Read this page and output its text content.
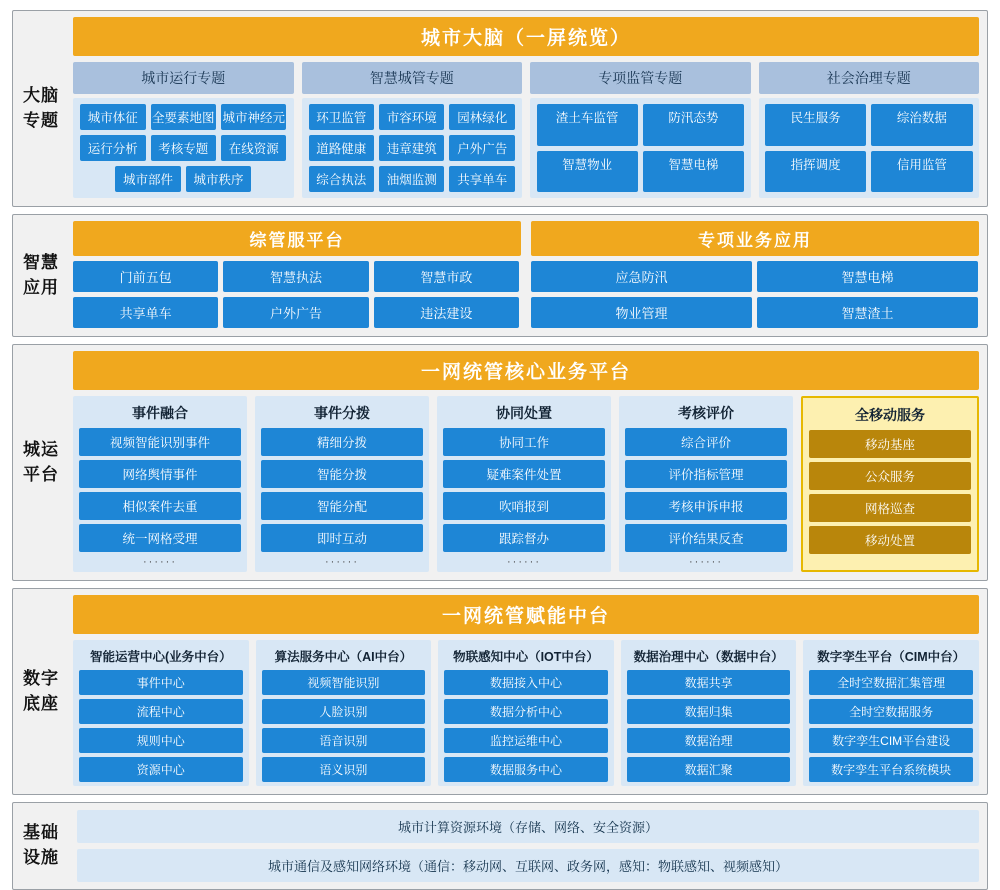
大脑
专题
城市大脑（一屏统览）
城市运行专题
城市体征	全要素地图 城市神经元
运行分析	考核专题	在线资源
城市部件	城市秩序
智慧城管专题
环卫监管	市容环境	园林绿化
道路健康	违章建筑	户外广告
综合执法	油烟监测	共享单车
专项监管专题
渣土车监管	防汛态势
智慧物业	智慧电梯
社会治理专题
民生服务	综治数据
指挥调度	信用监管
智慧
应用
综管服平台
门前五包	智慧执法	智慧市政
共享单车	户外广告	违法建设
专项业务应用
应急防汛	智慧电梯
物业管理	智慧渣土
城运
平台
一网统管核心业务平台
事件融合
视频智能识别事件
网络舆情事件
相似案件去重
统一网格受理
······
事件分拨
精细分拨
智能分拨
智能分配
即时互动
······
协同处置
协同工作
疑难案件处置
吹哨报到
跟踪督办
······
考核评价
综合评价
评价指标管理
考核申诉申报
评价结果反查
······
全移动服务
移动基座
公众服务
网格巡查
移动处置
数字
底座
一网统管赋能中台
智能运营中心(业务中台）
事件中心
流程中心
规则中心
资源中心
算法服务中心（AI中台）
视频智能识别
人脸识别
语音识别
语义识别
物联感知中心（IOT中台）
数据接入中心
数据分析中心
监控运维中心
数据服务中心
数据治理中心（数据中台）
数据共享
数据归集
数据治理
数据汇聚
数字孪生平台（CIM中台）
全时空数据汇集管理
全时空数据服务
数字孪生CIM平台建设
数字孪生平台系统模块
基础
设施
城市计算资源环境（存储、网络、安全资源）
城市通信及感知网络环境（通信：移动网、互联网、政务网，感知：物联感知、视频感知）
